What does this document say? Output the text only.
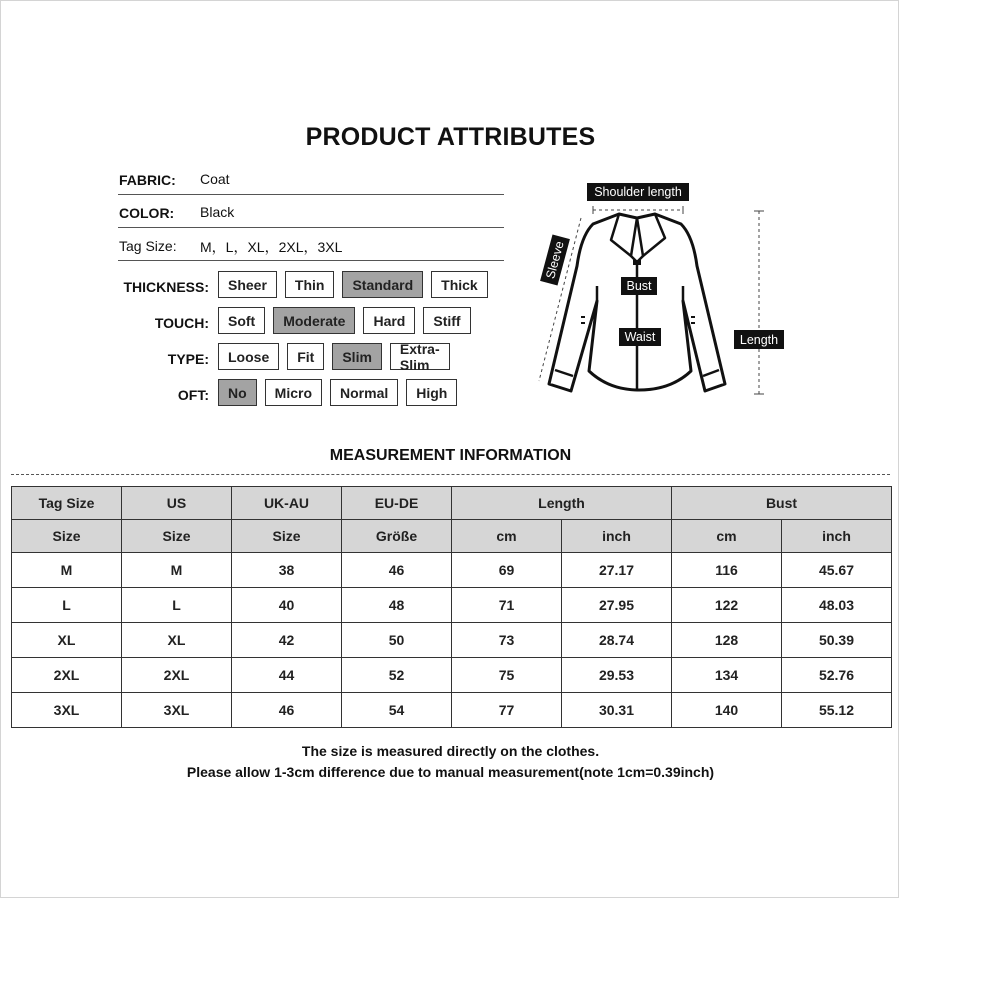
PRODUCT ATTRIBUTES
FABRIC: Coat
COLOR: Black
Tag Size: M，L，XL，2XL，3XL
THICKNESS:	Sheer	Thin	Standard	Thick
TOUCH:	Soft	Moderate	Hard	Stiff
TYPE:	Loose	Fit	Slim	Extra-Slim
OFT:	No	Micro	Normal	High
Shoulder length
Sleeve
Bust
Waist	Length
MEASUREMENT INFORMATION
Tag Size	US	UK-AU	EU-DE	Length		Bust	
Size	Size	Size	Größe	cm	inch	cm	inch
M	M	38	46	69	27.17	116	45.67
L	L	40	48	71	27.95	122	48.03
XL	XL	42	50	73	28.74	128	50.39
2XL	2XL	44	52	75	29.53	134	52.76
3XL	3XL	46	54	77	30.31	140	55.12
The size is measured directly on the clothes.
Please allow 1-3cm difference due to manual measurement(note 1cm=0.39inch)
